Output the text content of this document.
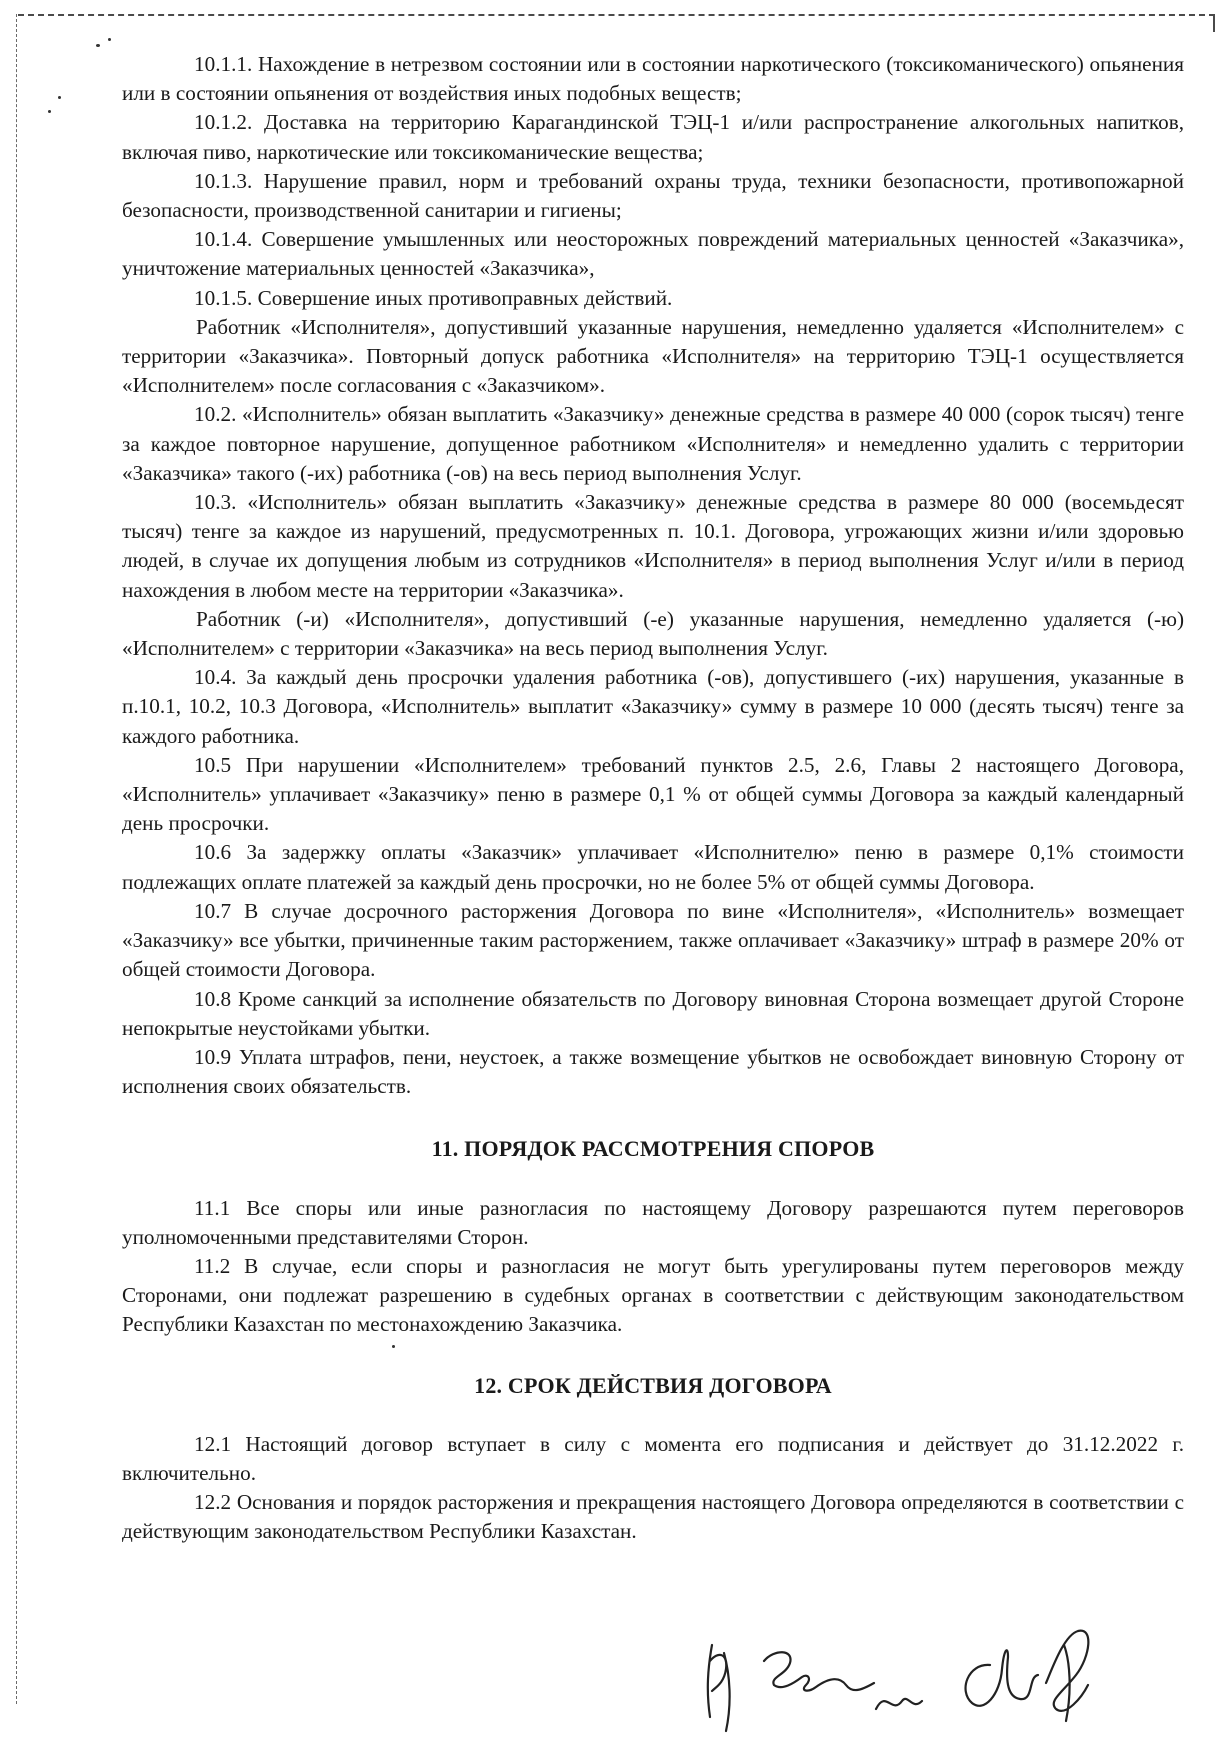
10.1.1. Нахождение в нетрезвом состоянии или в состоянии наркотического (токсикоманического) опьянения или в состоянии опьянения от воздействия иных подобных веществ;

10.1.2. Доставка на территорию Карагандинской ТЭЦ-1 и/или распространение алкогольных напитков, включая пиво, наркотические или токсикоманические вещества;

10.1.3. Нарушение правил, норм и требований охраны труда, техники безопасности, противопожарной безопасности, производственной санитарии и гигиены;

10.1.4. Совершение умышленных или неосторожных повреждений материальных ценностей «Заказчика», уничтожение материальных ценностей «Заказчика»,

10.1.5. Совершение иных противоправных действий.

Работник «Исполнителя», допустивший указанные нарушения, немедленно удаляется «Исполнителем» с территории «Заказчика». Повторный допуск работника «Исполнителя» на территорию ТЭЦ-1 осуществляется «Исполнителем» после согласования с «Заказчиком».

10.2. «Исполнитель» обязан выплатить «Заказчику» денежные средства в размере 40 000 (сорок тысяч) тенге за каждое повторное нарушение, допущенное работником «Исполнителя» и немедленно удалить с территории «Заказчика» такого (-их) работника (-ов) на весь период выполнения Услуг.

10.3. «Исполнитель» обязан выплатить «Заказчику» денежные средства в размере 80 000 (восемьдесят тысяч) тенге за каждое из нарушений, предусмотренных п. 10.1. Договора, угрожающих жизни и/или здоровью людей, в случае их допущения любым из сотрудников «Исполнителя» в период выполнения Услуг и/или в период нахождения в любом месте на территории «Заказчика».

Работник (-и) «Исполнителя», допустивший (-е) указанные нарушения, немедленно удаляется (-ю) «Исполнителем» с территории «Заказчика» на весь период выполнения Услуг.

10.4. За каждый день просрочки удаления работника (-ов), допустившего (-их) нарушения, указанные в п.10.1, 10.2, 10.3 Договора, «Исполнитель» выплатит «Заказчику» сумму в размере 10 000 (десять тысяч) тенге за каждого работника.

10.5 При нарушении «Исполнителем» требований пунктов 2.5, 2.6, Главы 2 настоящего Договора, «Исполнитель» уплачивает «Заказчику» пеню в размере 0,1 % от общей суммы Договора за каждый календарный день просрочки.

10.6 За задержку оплаты «Заказчик» уплачивает «Исполнителю» пеню в размере 0,1% стоимости подлежащих оплате платежей за каждый день просрочки, но не более 5% от общей суммы Договора.

10.7 В случае досрочного расторжения Договора по вине «Исполнителя», «Исполнитель» возмещает «Заказчику» все убытки, причиненные таким расторжением, также оплачивает «Заказчику» штраф в размере 20% от общей стоимости Договора.

10.8 Кроме санкций за исполнение обязательств по Договору виновная Сторона возмещает другой Стороне непокрытые неустойками убытки.

10.9 Уплата штрафов, пени, неустоек, а также возмещение убытков не освобождает виновную Сторону от исполнения своих обязательств.

11. ПОРЯДОК РАССМОТРЕНИЯ СПОРОВ

11.1 Все споры или иные разногласия по настоящему Договору разрешаются путем переговоров уполномоченными представителями Сторон.

11.2 В случае, если споры и разногласия не могут быть урегулированы путем переговоров между Сторонами, они подлежат разрешению в судебных органах в соответствии с действующим законодательством Республики Казахстан по местонахождению Заказчика.

12. СРОК ДЕЙСТВИЯ ДОГОВОРА

12.1 Настоящий договор вступает в силу с момента его подписания и действует до 31.12.2022 г. включительно.

12.2 Основания и порядок расторжения и прекращения настоящего Договора определяются в соответствии с действующим законодательством Республики Казахстан.
